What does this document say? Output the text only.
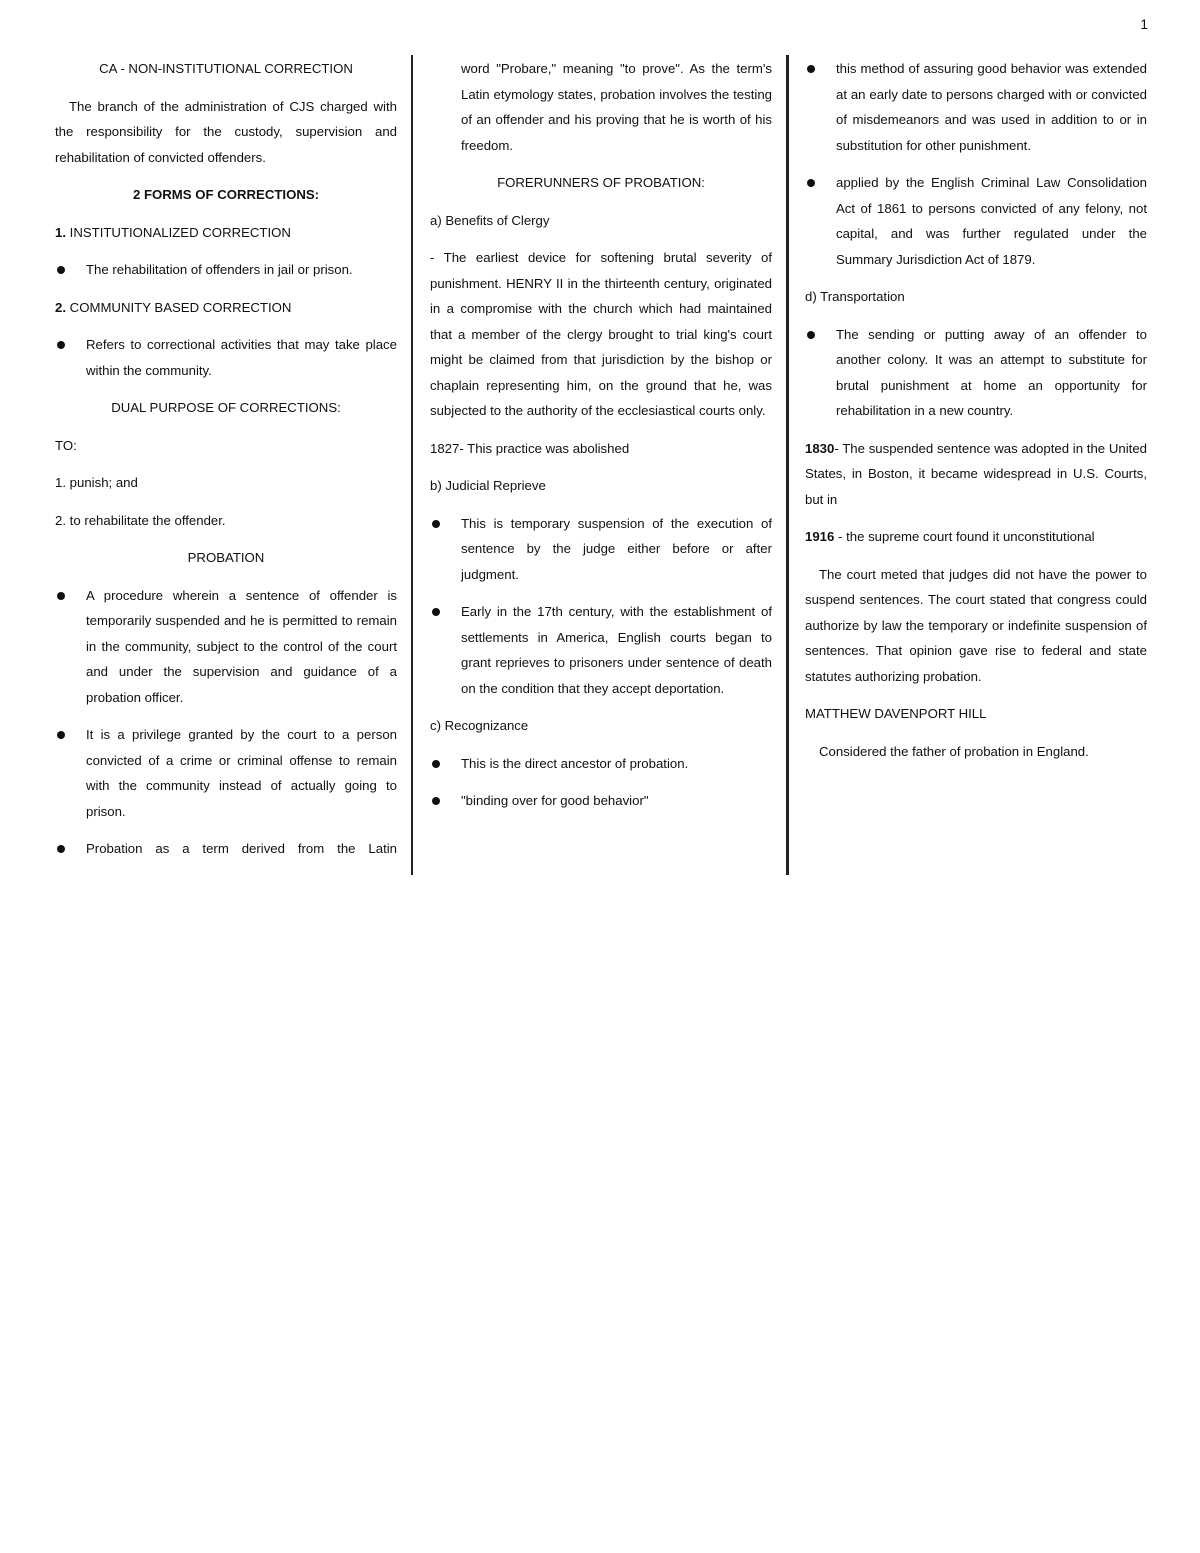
1

CA - NON-INSTITUTIONAL CORRECTION

The branch of the administration of CJS charged with the responsibility for the custody, supervision and rehabilitation of convicted offenders.

2 FORMS OF CORRECTIONS:

1. INSTITUTIONALIZED CORRECTION

The rehabilitation of offenders in jail or prison.

2. COMMUNITY BASED CORRECTION

Refers to correctional activities that may take place within the community.

DUAL PURPOSE OF CORRECTIONS:

TO:

1. punish; and

2. to rehabilitate the offender.

PROBATION

A procedure wherein a sentence of offender is temporarily suspended and he is permitted to remain in the community, subject to the control of the court and under the supervision and guidance of a probation officer.
It is a privilege granted by the court to a person convicted of a crime or criminal offense to remain with the community instead of actually going to prison.
Probation as a term derived from the Latin

word "Probare," meaning "to prove". As the term's Latin etymology states, probation involves the testing of an offender and his proving that he is worth of his freedom.

FORERUNNERS OF PROBATION:

a) Benefits of Clergy

- The earliest device for softening brutal severity of punishment. HENRY II in the thirteenth century, originated in a compromise with the church which had maintained that a member of the clergy brought to trial king's court might be claimed from that jurisdiction by the bishop or chaplain representing him, on the ground that he, was subjected to the authority of the ecclesiastical courts only.

1827- This practice was abolished

b) Judicial Reprieve

This is temporary suspension of the execution of sentence by the judge either before or after judgment.
Early in the 17th century, with the establishment of settlements in America, English courts began to grant reprieves to prisoners under sentence of death on the condition that they accept deportation.

c) Recognizance

This is the direct ancestor of probation.
"binding over for good behavior"
this method of assuring good behavior was extended at an early date to persons charged with or convicted of misdemeanors and was used in addition to or in substitution for other punishment.
applied by the English Criminal Law Consolidation Act of 1861 to persons convicted of any felony, not capital, and was further regulated under the Summary Jurisdiction Act of 1879.

d) Transportation

The sending or putting away of an offender to another colony. It was an attempt to substitute for brutal punishment at home an opportunity for rehabilitation in a new country.

1830- The suspended sentence was adopted in the United States, in Boston, it became widespread in U.S. Courts, but in

1916 - the supreme court found it unconstitutional

The court meted that judges did not have the power to suspend sentences. The court stated that congress could authorize by law the temporary or indefinite suspension of sentences. That opinion gave rise to federal and state statutes authorizing probation.

MATTHEW DAVENPORT HILL

Considered the father of probation in England.
